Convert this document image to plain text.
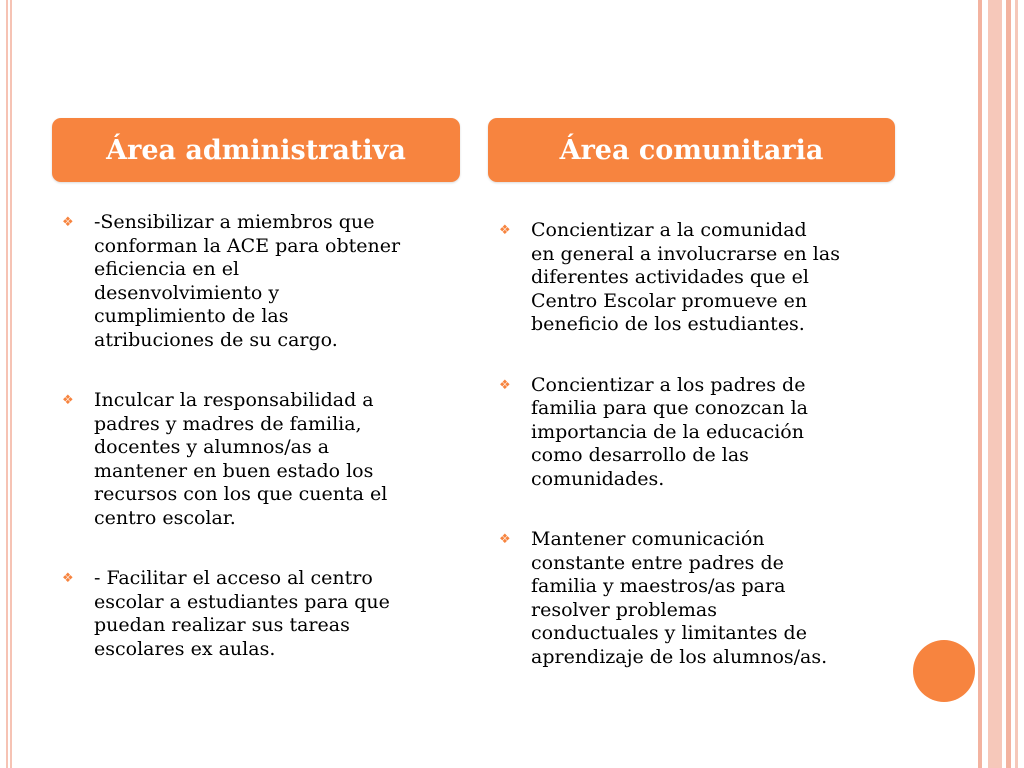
Área administrativa	Área comunitaria
❖	-Sensibilizar a miembros que
conforman la ACE para obtener
eficiencia en el
desenvolvimiento y
cumplimiento de las
atribuciones de su cargo.
❖	Inculcar la responsabilidad a
padres y madres de familia,
docentes y alumnos/as a
mantener en buen estado los
recursos con los que cuenta el
centro escolar.
❖	- Facilitar el acceso al centro
escolar a estudiantes para que
puedan realizar sus tareas
escolares ex aulas.
❖	Concientizar a la comunidad
en general a involucrarse en las
diferentes actividades que el
Centro Escolar promueve en
beneficio de los estudiantes.
❖	Concientizar a los padres de
familia para que conozcan la
importancia de la educación
como desarrollo de las
comunidades.
❖	Mantener comunicación
constante entre padres de
familia y maestros/as para
resolver problemas
conductuales y limitantes de
aprendizaje de los alumnos/as.
